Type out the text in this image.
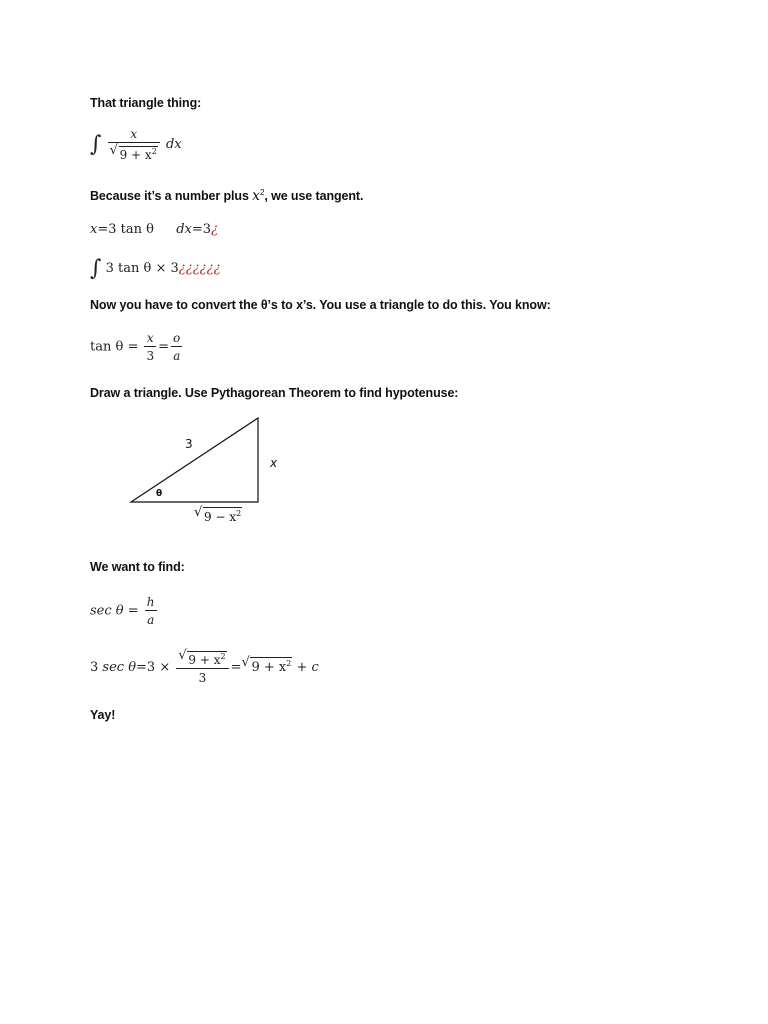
That triangle thing:
∫ $\frac{x}{√ 9 + x^2}$ dx
Because it’s a number plus $x^2$, we use tangent.
x=3 tan θ dx=3¿
∫ 3 tan θ × 3¿¿¿¿¿¿
Now you have to convert the θ’s to x’s. You use a triangle to do this. You know:
$\tan \theta = \frac{x}{3} = \frac{o}{a}$
Draw a triangle. Use Pythagorean Theorem to find hypotenuse:
3
x
θ
√ $9 - x^2$
We want to find:
$\sec \theta = \frac{h}{a}$
3 $\sec \theta=3 \times \frac{√ 9 + x^2}{3}$ = √ $9 + x^2 + c$
Yay!
